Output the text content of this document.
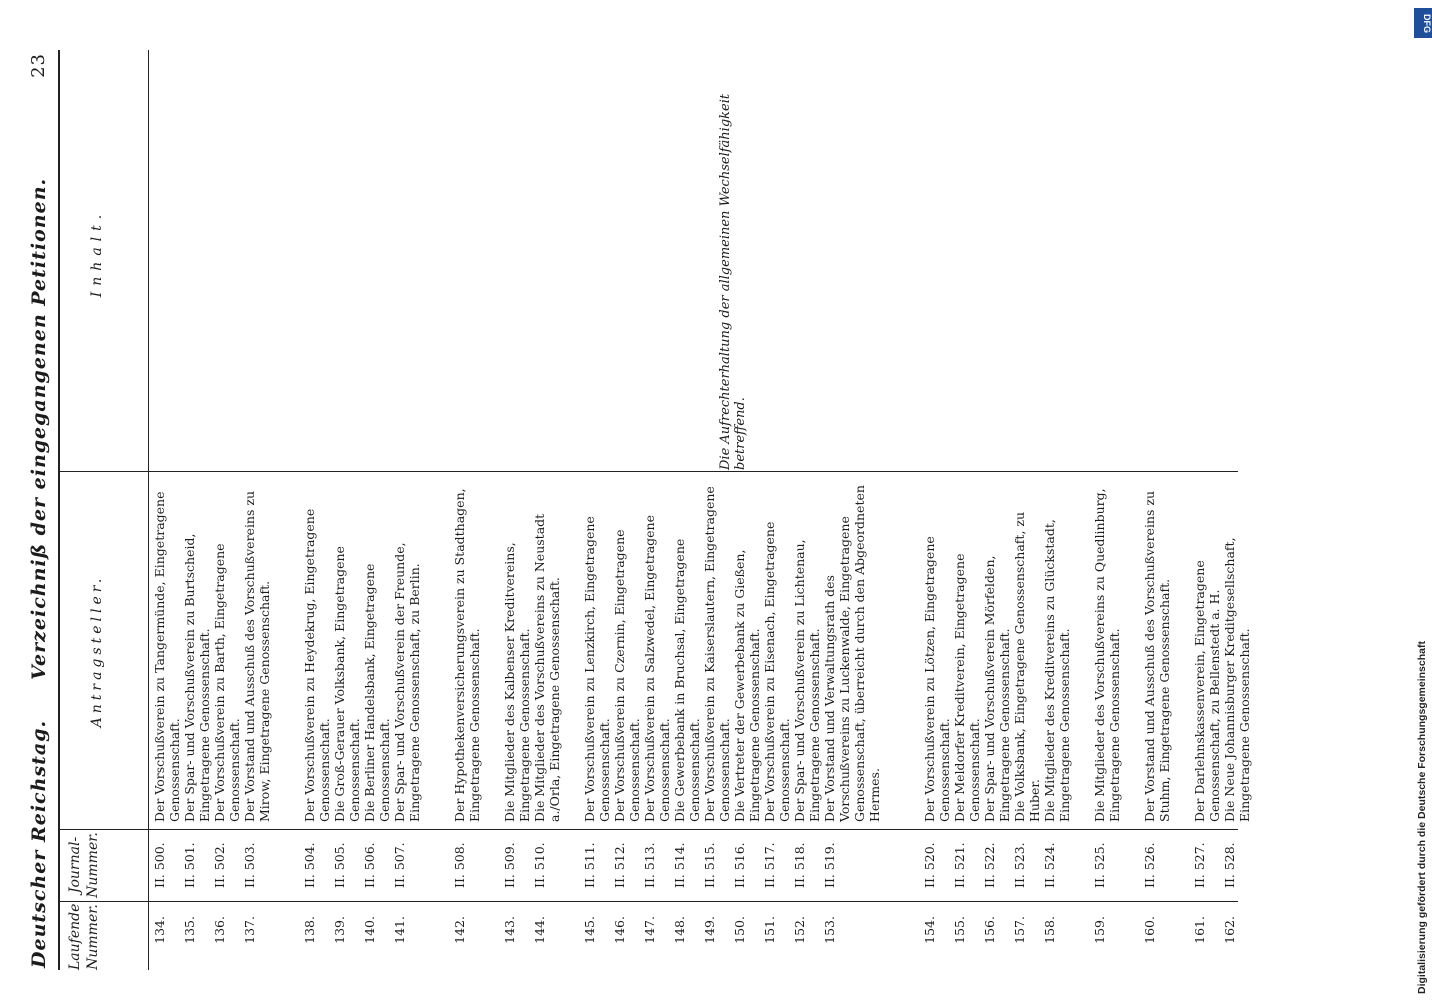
Deutscher Reichstag.
Verzeichniß der eingegangenen Petitionen.
23
Laufende Nummer.
Journal-Nummer.
Antragsteller.
Inhalt.
134.
II. 500.
Der Vorschußverein zu Tangermünde, Eingetragene Genossenschaft.
135.
II. 501.
Der Spar- und Vorschußverein zu Burtscheid, Eingetragene Genossenschaft.
136.
II. 502.
Der Vorschußverein zu Barth, Eingetragene Genossenschaft.
137.
II. 503.
Der Vorstand und Ausschuß des Vorschußvereins zu Mirow, Eingetragene Genossenschaft.
138.
II. 504.
Der Vorschußverein zu Heydekrug, Eingetragene Genossenschaft.
139.
II. 505.
Die Groß-Gerauer Volksbank, Eingetragene Genossenschaft.
140.
II. 506.
Die Berliner Handelsbank, Eingetragene Genossenschaft.
141.
II. 507.
Der Spar- und Vorschußverein der Freunde, Eingetragene Genossenschaft, zu Berlin.
142.
II. 508.
Der Hypothekenversicherungsverein zu Stadthagen, Eingetragene Genossenschaft.
143.
II. 509.
Die Mitglieder des Kalbenser Kreditvereins, Eingetragene Genossenschaft.
144.
II. 510.
Die Mitglieder des Vorschußvereins zu Neustadt a./Orla, Eingetragene Genossenschaft.
145.
II. 511.
Der Vorschußverein zu Lenzkirch, Eingetragene Genossenschaft.
146.
II. 512.
Der Vorschußverein zu Czernin, Eingetragene Genossenschaft.
147.
II. 513.
Der Vorschußverein zu Salzwedel, Eingetragene Genossenschaft.
148.
II. 514.
Die Gewerbebank in Bruchsal, Eingetragene Genossenschaft.
149.
II. 515.
Der Vorschußverein zu Kaiserslautern, Eingetragene Genossenschaft.
150.
II. 516.
Die Vertreter der Gewerbebank zu Gießen, Eingetragene Genossenschaft.
151.
II. 517.
Der Vorschußverein zu Eisenach, Eingetragene Genossenschaft.
152.
II. 518.
Der Spar- und Vorschußverein zu Lichtenau, Eingetragene Genossenschaft.
153.
II. 519.
Der Vorstand und Verwaltungsrath des Vorschußvereins zu Luckenwalde, Eingetragene Genossenschaft, überreicht durch den Abgeordneten Hermes.
154.
II. 520.
Der Vorschußverein zu Lötzen, Eingetragene Genossenschaft.
155.
II. 521.
Der Meldorfer Kreditverein, Eingetragene Genossenschaft.
156.
II. 522.
Der Spar- und Vorschußverein Mörfelden, Eingetragene Genossenschaft.
157.
II. 523.
Die Volksbank, Eingetragene Genossenschaft, zu Huber.
158.
II. 524.
Die Mitglieder des Kreditvereins zu Glückstadt, Eingetragene Genossenschaft.
159.
II. 525.
Die Mitglieder des Vorschußvereins zu Quedlinburg, Eingetragene Genossenschaft.
160.
II. 526.
Der Vorstand und Ausschuß des Vorschußvereins zu Stuhm, Eingetragene Genossenschaft.
161.
II. 527.
Der Darlehnskassenverein, Eingetragene Genossenschaft, zu Bellenstedt a. H.
162.
II. 528.
Die Neue Johannisburger Kreditgesellschaft, Eingetragene Genossenschaft.
Die Aufrechterhaltung der allgemeinen Wechselfähigkeit betreffend.
DFG
Digitalisierung gefördert durch die Deutsche Forschungsgemeinschaft
